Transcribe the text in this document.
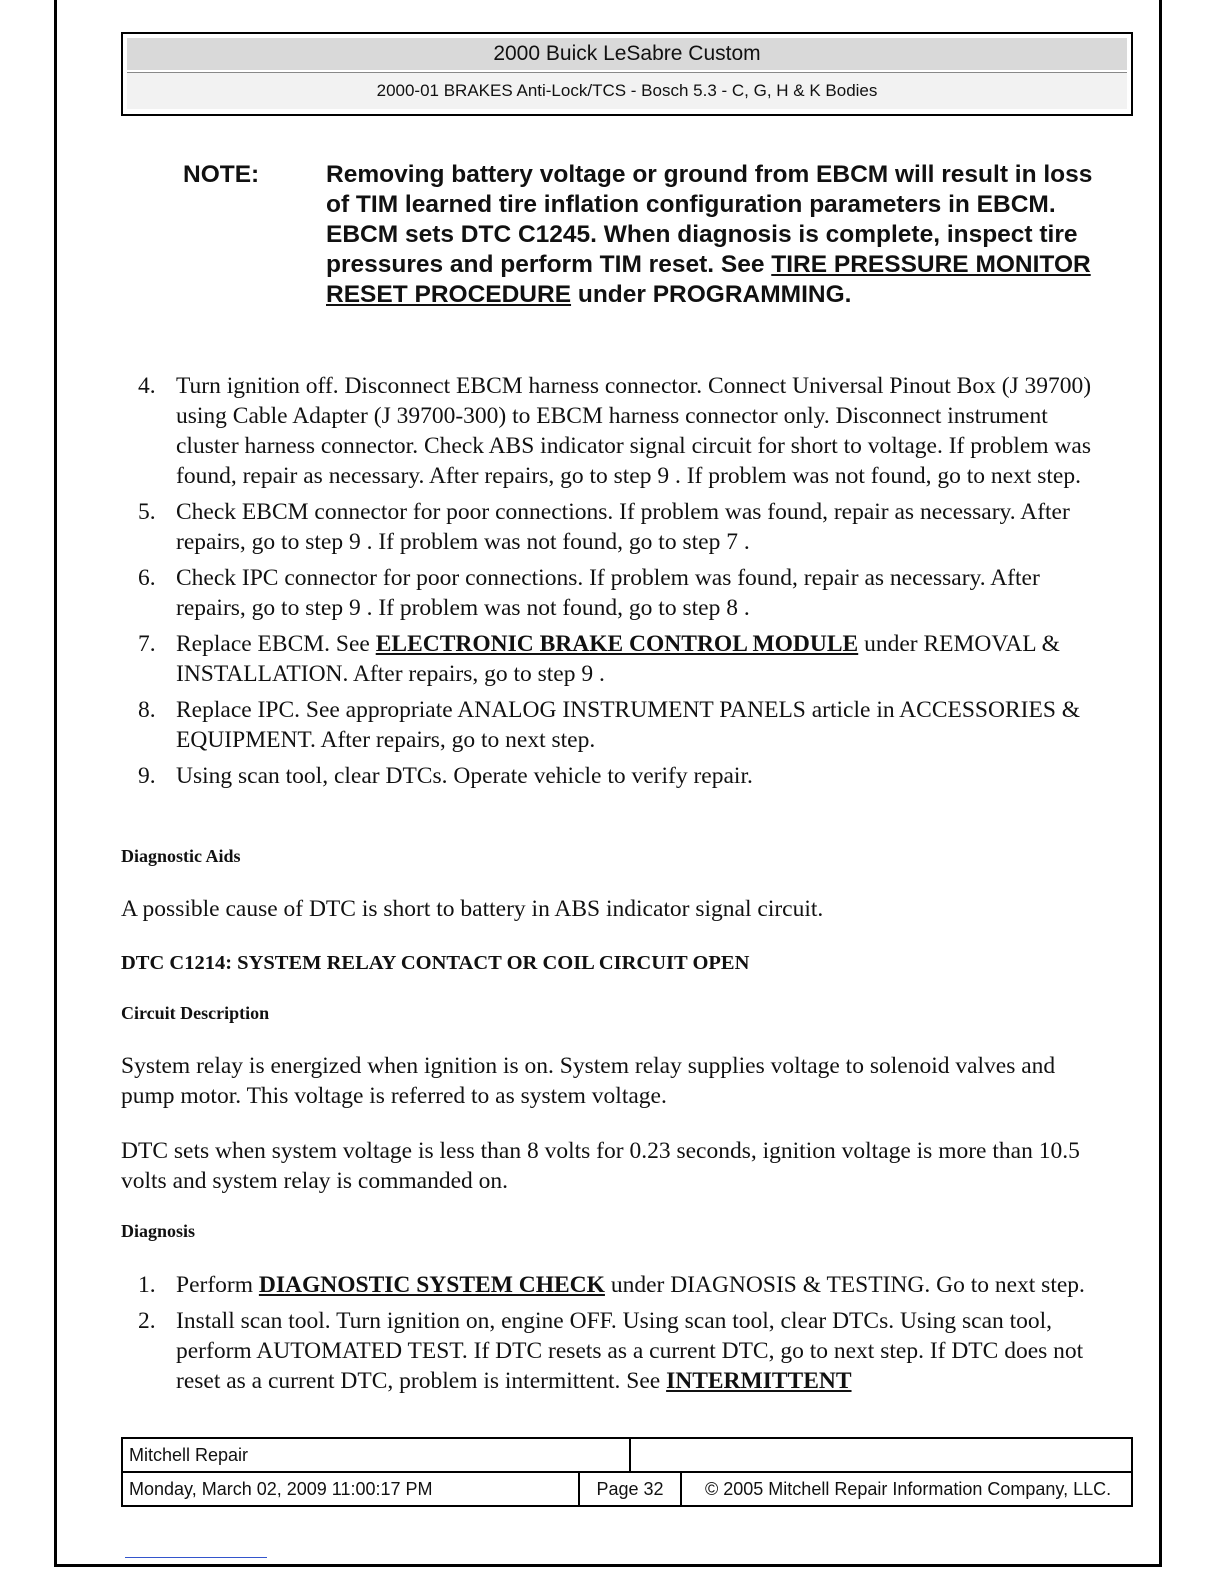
2000 Buick LeSabre Custom
2000-01 BRAKES Anti-Lock/TCS - Bosch 5.3 - C, G, H & K Bodies
NOTE:	Removing battery voltage or ground from EBCM will result in loss of TIM learned tire inflation configuration parameters in EBCM. EBCM sets DTC C1245. When diagnosis is complete, inspect tire pressures and perform TIM reset. See TIRE PRESSURE MONITOR RESET PROCEDURE under PROGRAMMING.
4. Turn ignition off. Disconnect EBCM harness connector. Connect Universal Pinout Box (J 39700) using Cable Adapter (J 39700-300) to EBCM harness connector only. Disconnect instrument cluster harness connector. Check ABS indicator signal circuit for short to voltage. If problem was found, repair as necessary. After repairs, go to step 9 . If problem was not found, go to next step.
5. Check EBCM connector for poor connections. If problem was found, repair as necessary. After repairs, go to step 9 . If problem was not found, go to step 7 .
6. Check IPC connector for poor connections. If problem was found, repair as necessary. After repairs, go to step 9 . If problem was not found, go to step 8 .
7. Replace EBCM. See ELECTRONIC BRAKE CONTROL MODULE under REMOVAL & INSTALLATION. After repairs, go to step 9 .
8. Replace IPC. See appropriate ANALOG INSTRUMENT PANELS article in ACCESSORIES & EQUIPMENT. After repairs, go to next step.
9. Using scan tool, clear DTCs. Operate vehicle to verify repair.
Diagnostic Aids

A possible cause of DTC is short to battery in ABS indicator signal circuit.

DTC C1214: SYSTEM RELAY CONTACT OR COIL CIRCUIT OPEN
Circuit Description

System relay is energized when ignition is on. System relay supplies voltage to solenoid valves and pump motor. This voltage is referred to as system voltage.

DTC sets when system voltage is less than 8 volts for 0.23 seconds, ignition voltage is more than 10.5 volts and system relay is commanded on.

Diagnosis
1. Perform DIAGNOSTIC SYSTEM CHECK under DIAGNOSIS & TESTING. Go to next step.
2. Install scan tool. Turn ignition on, engine OFF. Using scan tool, clear DTCs. Using scan tool, perform AUTOMATED TEST. If DTC resets as a current DTC, go to next step. If DTC does not reset as a current DTC, problem is intermittent. See INTERMITTENT
Mitchell Repair
Monday, March 02, 2009 11:00:17 PM	Page 32	© 2005 Mitchell Repair Information Company, LLC.
